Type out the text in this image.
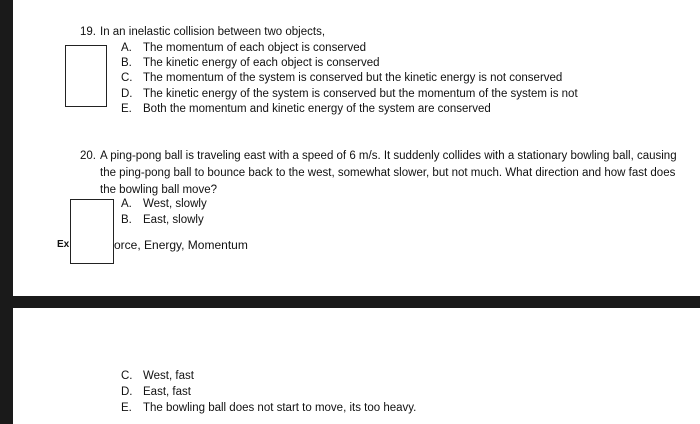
19. In an inelastic collision between two objects,
A. The momentum of each object is conserved
B. The kinetic energy of each object is conserved
C. The momentum of the system is conserved but the kinetic energy is not conserved
D. The kinetic energy of the system is conserved but the momentum of the system is not
E. Both the momentum and kinetic energy of the system are conserved
20. A ping-pong ball is traveling east with a speed of 6 m/s. It suddenly collides with a stationary bowling ball, causing the ping-pong ball to bounce back to the west, somewhat slower, but not much. What direction and how fast does the bowling ball move?
A. West, slowly
B. East, slowly
Ex	orce, Energy, Momentum
C. West, fast
D. East, fast
E. The bowling ball does not start to move, its too heavy.
